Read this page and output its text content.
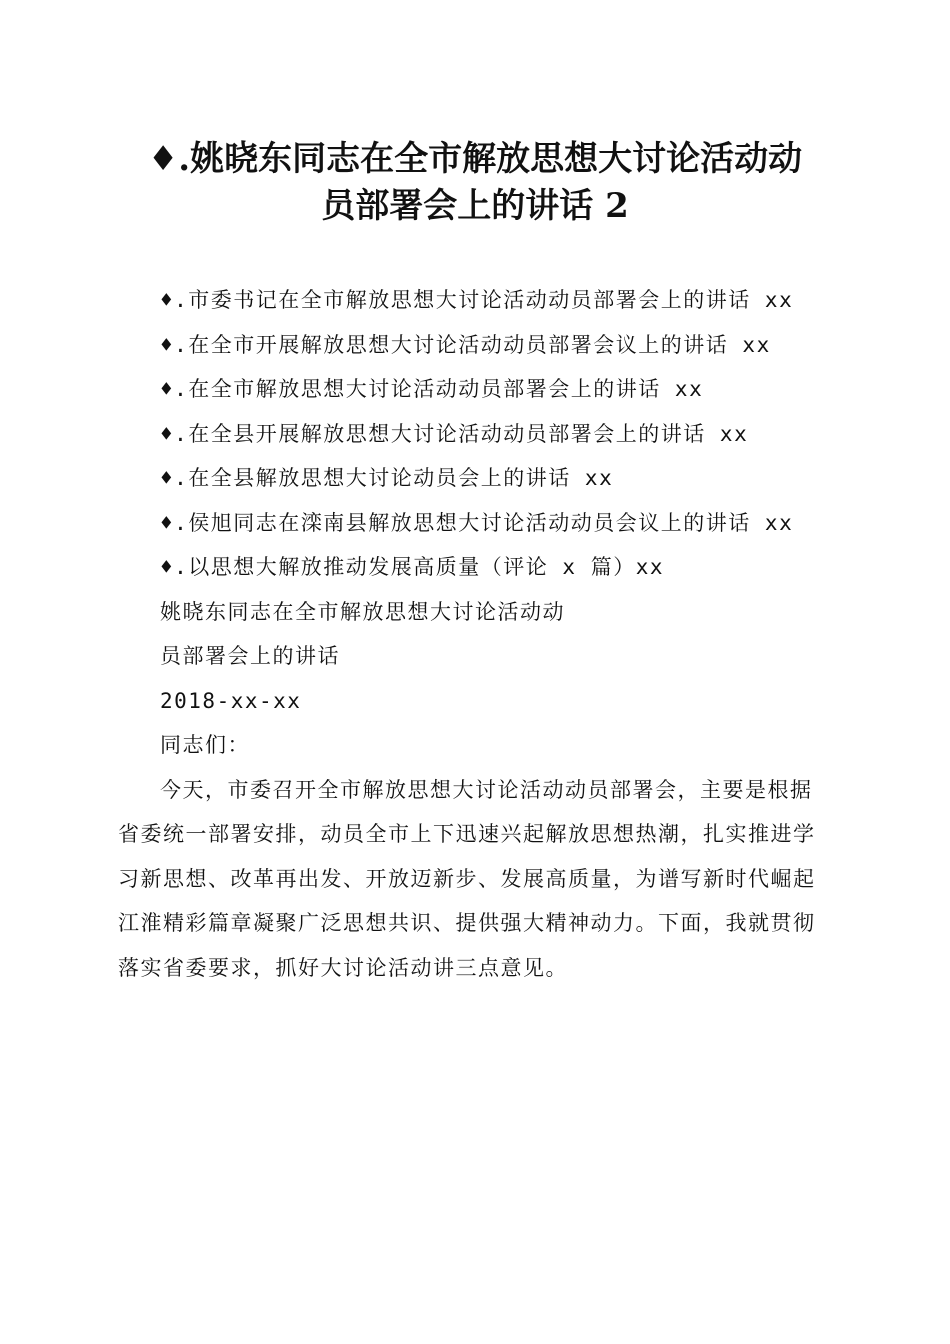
♦.姚晓东同志在全市解放思想大讨论活动动
员部署会上的讲话 2

♦.市委书记在全市解放思想大讨论活动动员部署会上的讲话 xx

♦.在全市开展解放思想大讨论活动动员部署会议上的讲话 xx

♦.在全市解放思想大讨论活动动员部署会上的讲话 xx

♦.在全县开展解放思想大讨论活动动员部署会上的讲话 xx

♦.在全县解放思想大讨论动员会上的讲话 xx

♦.侯旭同志在滦南县解放思想大讨论活动动员会议上的讲话 xx

♦.以思想大解放推动发展高质量（评论 x 篇）xx

姚晓东同志在全市解放思想大讨论活动动

员部署会上的讲话

2018-xx-xx

同志们：

今天，市委召开全市解放思想大讨论活动动员部署会，主要是根据省委统一部署安排，动员全市上下迅速兴起解放思想热潮，扎实推进学习新思想、改革再出发、开放迈新步、发展高质量，为谱写新时代崛起江淮精彩篇章凝聚广泛思想共识、提供强大精神动力。下面，我就贯彻落实省委要求，抓好大讨论活动讲三点意见。
